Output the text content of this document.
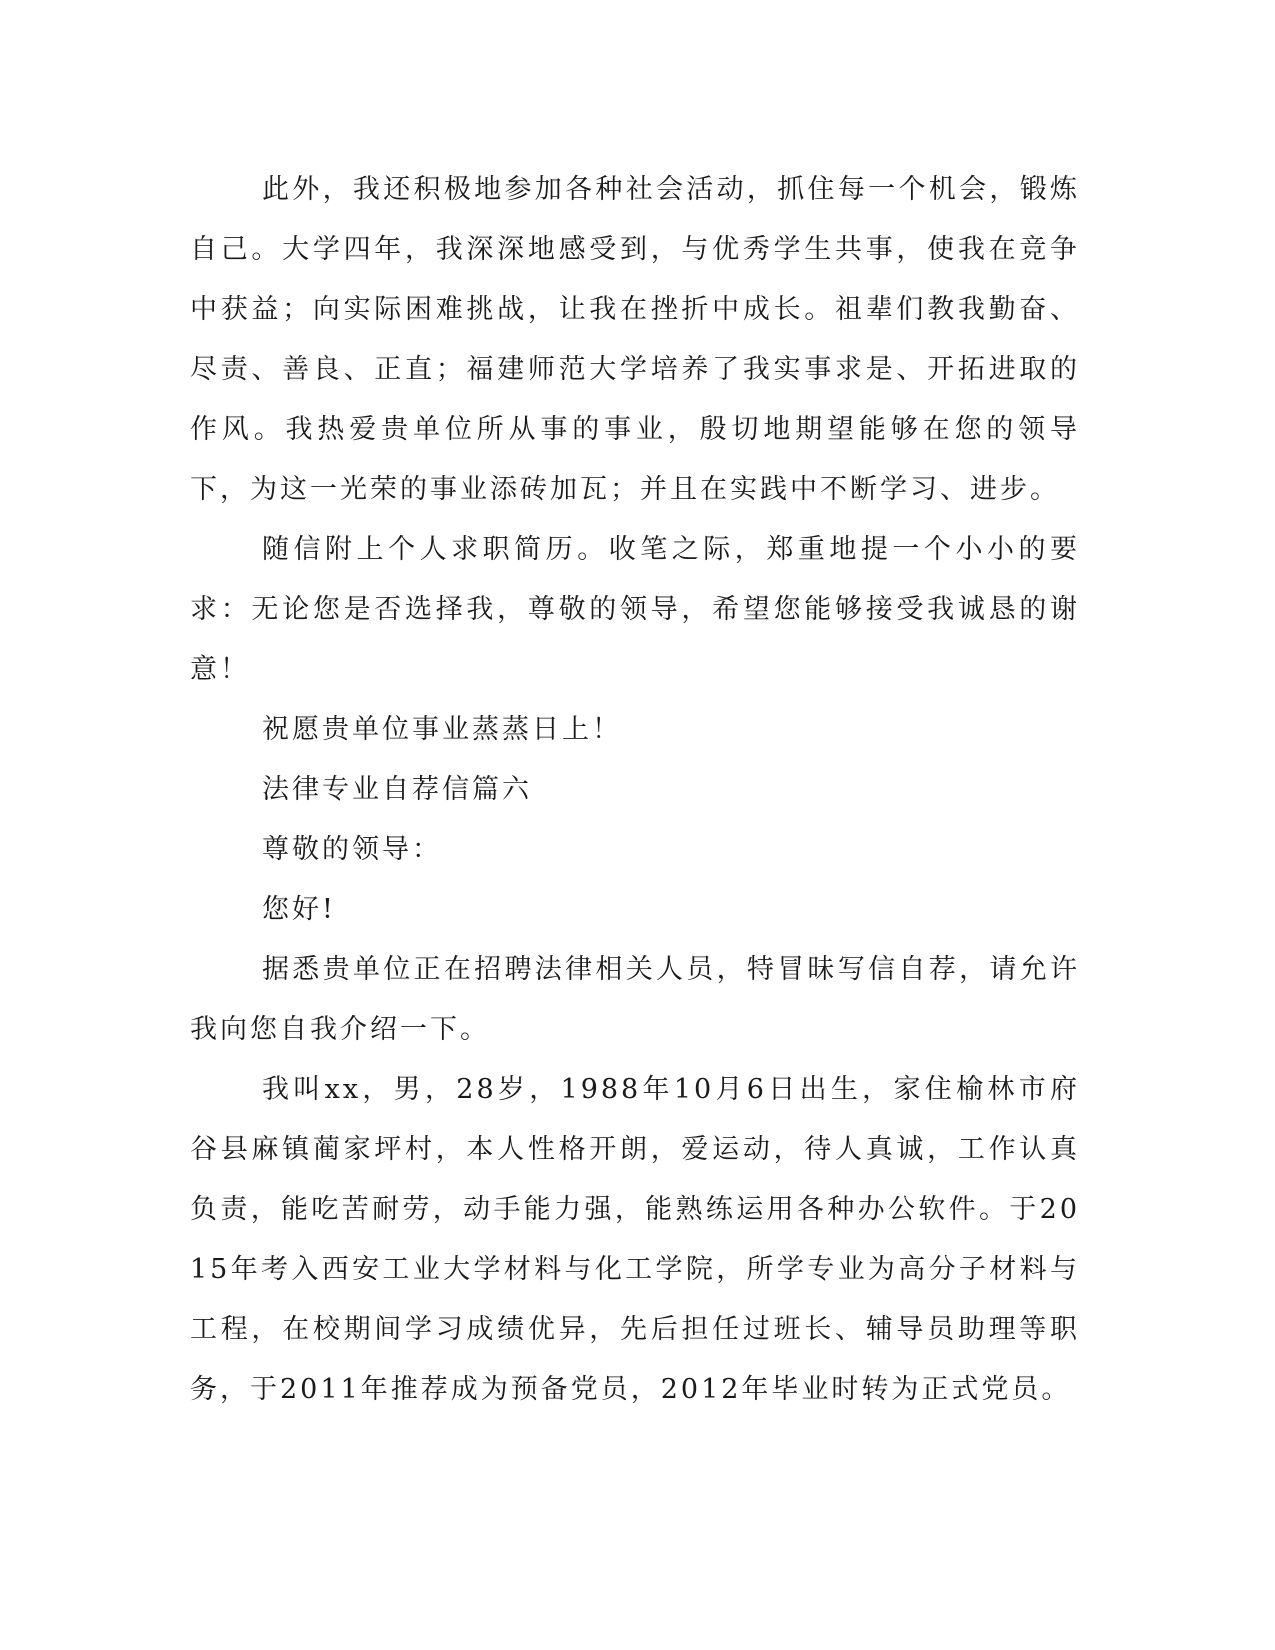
此外，我还积极地参加各种社会活动，抓住每一个机会，锻炼自己。大学四年，我深深地感受到，与优秀学生共事，使我在竞争中获益；向实际困难挑战，让我在挫折中成长。祖辈们教我勤奋、尽责、善良、正直；福建师范大学培养了我实事求是、开拓进取的作风。我热爱贵单位所从事的事业，殷切地期望能够在您的领导下，为这一光荣的事业添砖加瓦；并且在实践中不断学习、进步。

随信附上个人求职简历。收笔之际，郑重地提一个小小的要求：无论您是否选择我，尊敬的领导，希望您能够接受我诚恳的谢意！

祝愿贵单位事业蒸蒸日上！

法律专业自荐信篇六

尊敬的领导：

您好!

据悉贵单位正在招聘法律相关人员，特冒昧写信自荐，请允许我向您自我介绍一下。

我叫xx，男，28岁，1988年10月6日出生，家住榆林市府谷县麻镇蔺家坪村，本人性格开朗，爱运动，待人真诚，工作认真负责，能吃苦耐劳，动手能力强，能熟练运用各种办公软件。于2015年考入西安工业大学材料与化工学院，所学专业为高分子材料与工程，在校期间学习成绩优异，先后担任过班长、辅导员助理等职务，于2011年推荐成为预备党员，2012年毕业时转为正式党员。
